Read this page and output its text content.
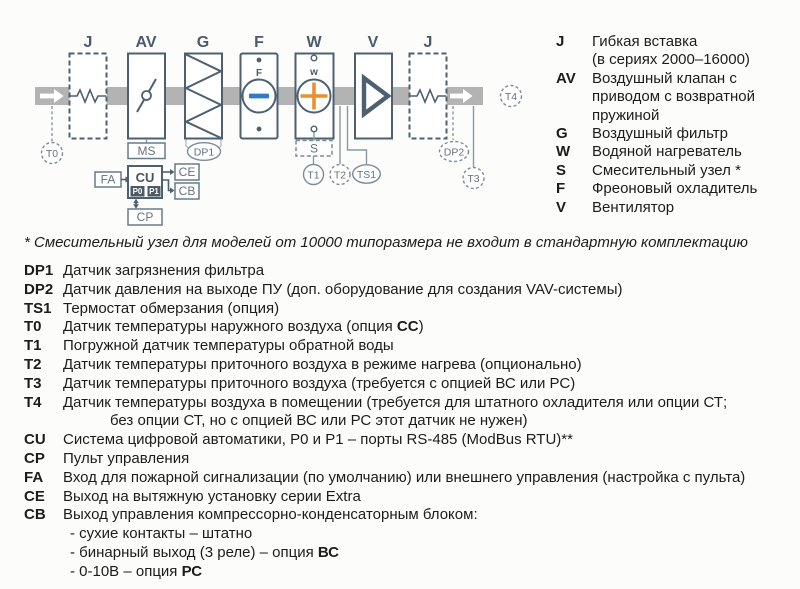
J	AV	G	F	W	V	J
F	w
T4
T0	MS	DP1
FA CU
P0 P1
CE
CB
CP
S
T1 T2 TS1
DP2
T3
J	Гибкая вставка
(в сериях 2000–16000)
AV	Воздушный клапан с
приводом с возвратной
пружиной
G	Воздушный фильтр
W	Водяной нагреватель
S	Смесительный узел *
F	Фреоновый охладитель
V	Вентилятор
* Смесительный узел для моделей от 10000 типоразмера не входит в стандартную комплектацию
DP1 Датчик загрязнения фильтра
DP2 Датчик давления на выходе ПУ (доп. оборудование для создания VAV-системы)
TS1 Термостат обмерзания (опция)
T0	Датчик температуры наружного воздуха (опция CC)
T1	Погружной датчик температуры обратной воды
T2	Датчик температуры приточного воздуха в режиме нагрева (опционально)
T3	Датчик температуры приточного воздуха (требуется с опцией ВС или РС)
T4	Датчик температуры воздуха в помещении (требуется для штатного охладителя или опции СТ;
без опции СТ, но с опцией ВС или РС этот датчик не нужен)
CU	Система цифровой автоматики, P0 и P1 – порты RS-485 (ModBus RTU)**
CP	Пульт управления
FA	Вход для пожарной сигнализации (по умолчанию) или внешнего управления (настройка с пульта)
CE	Выход на вытяжную установку серии Extra
CB	Выход управления компрессорно-конденсаторным блоком:
- сухие контакты – штатно
- бинарный выход (3 реле) – опция ВС
- 0-10В – опция РС
